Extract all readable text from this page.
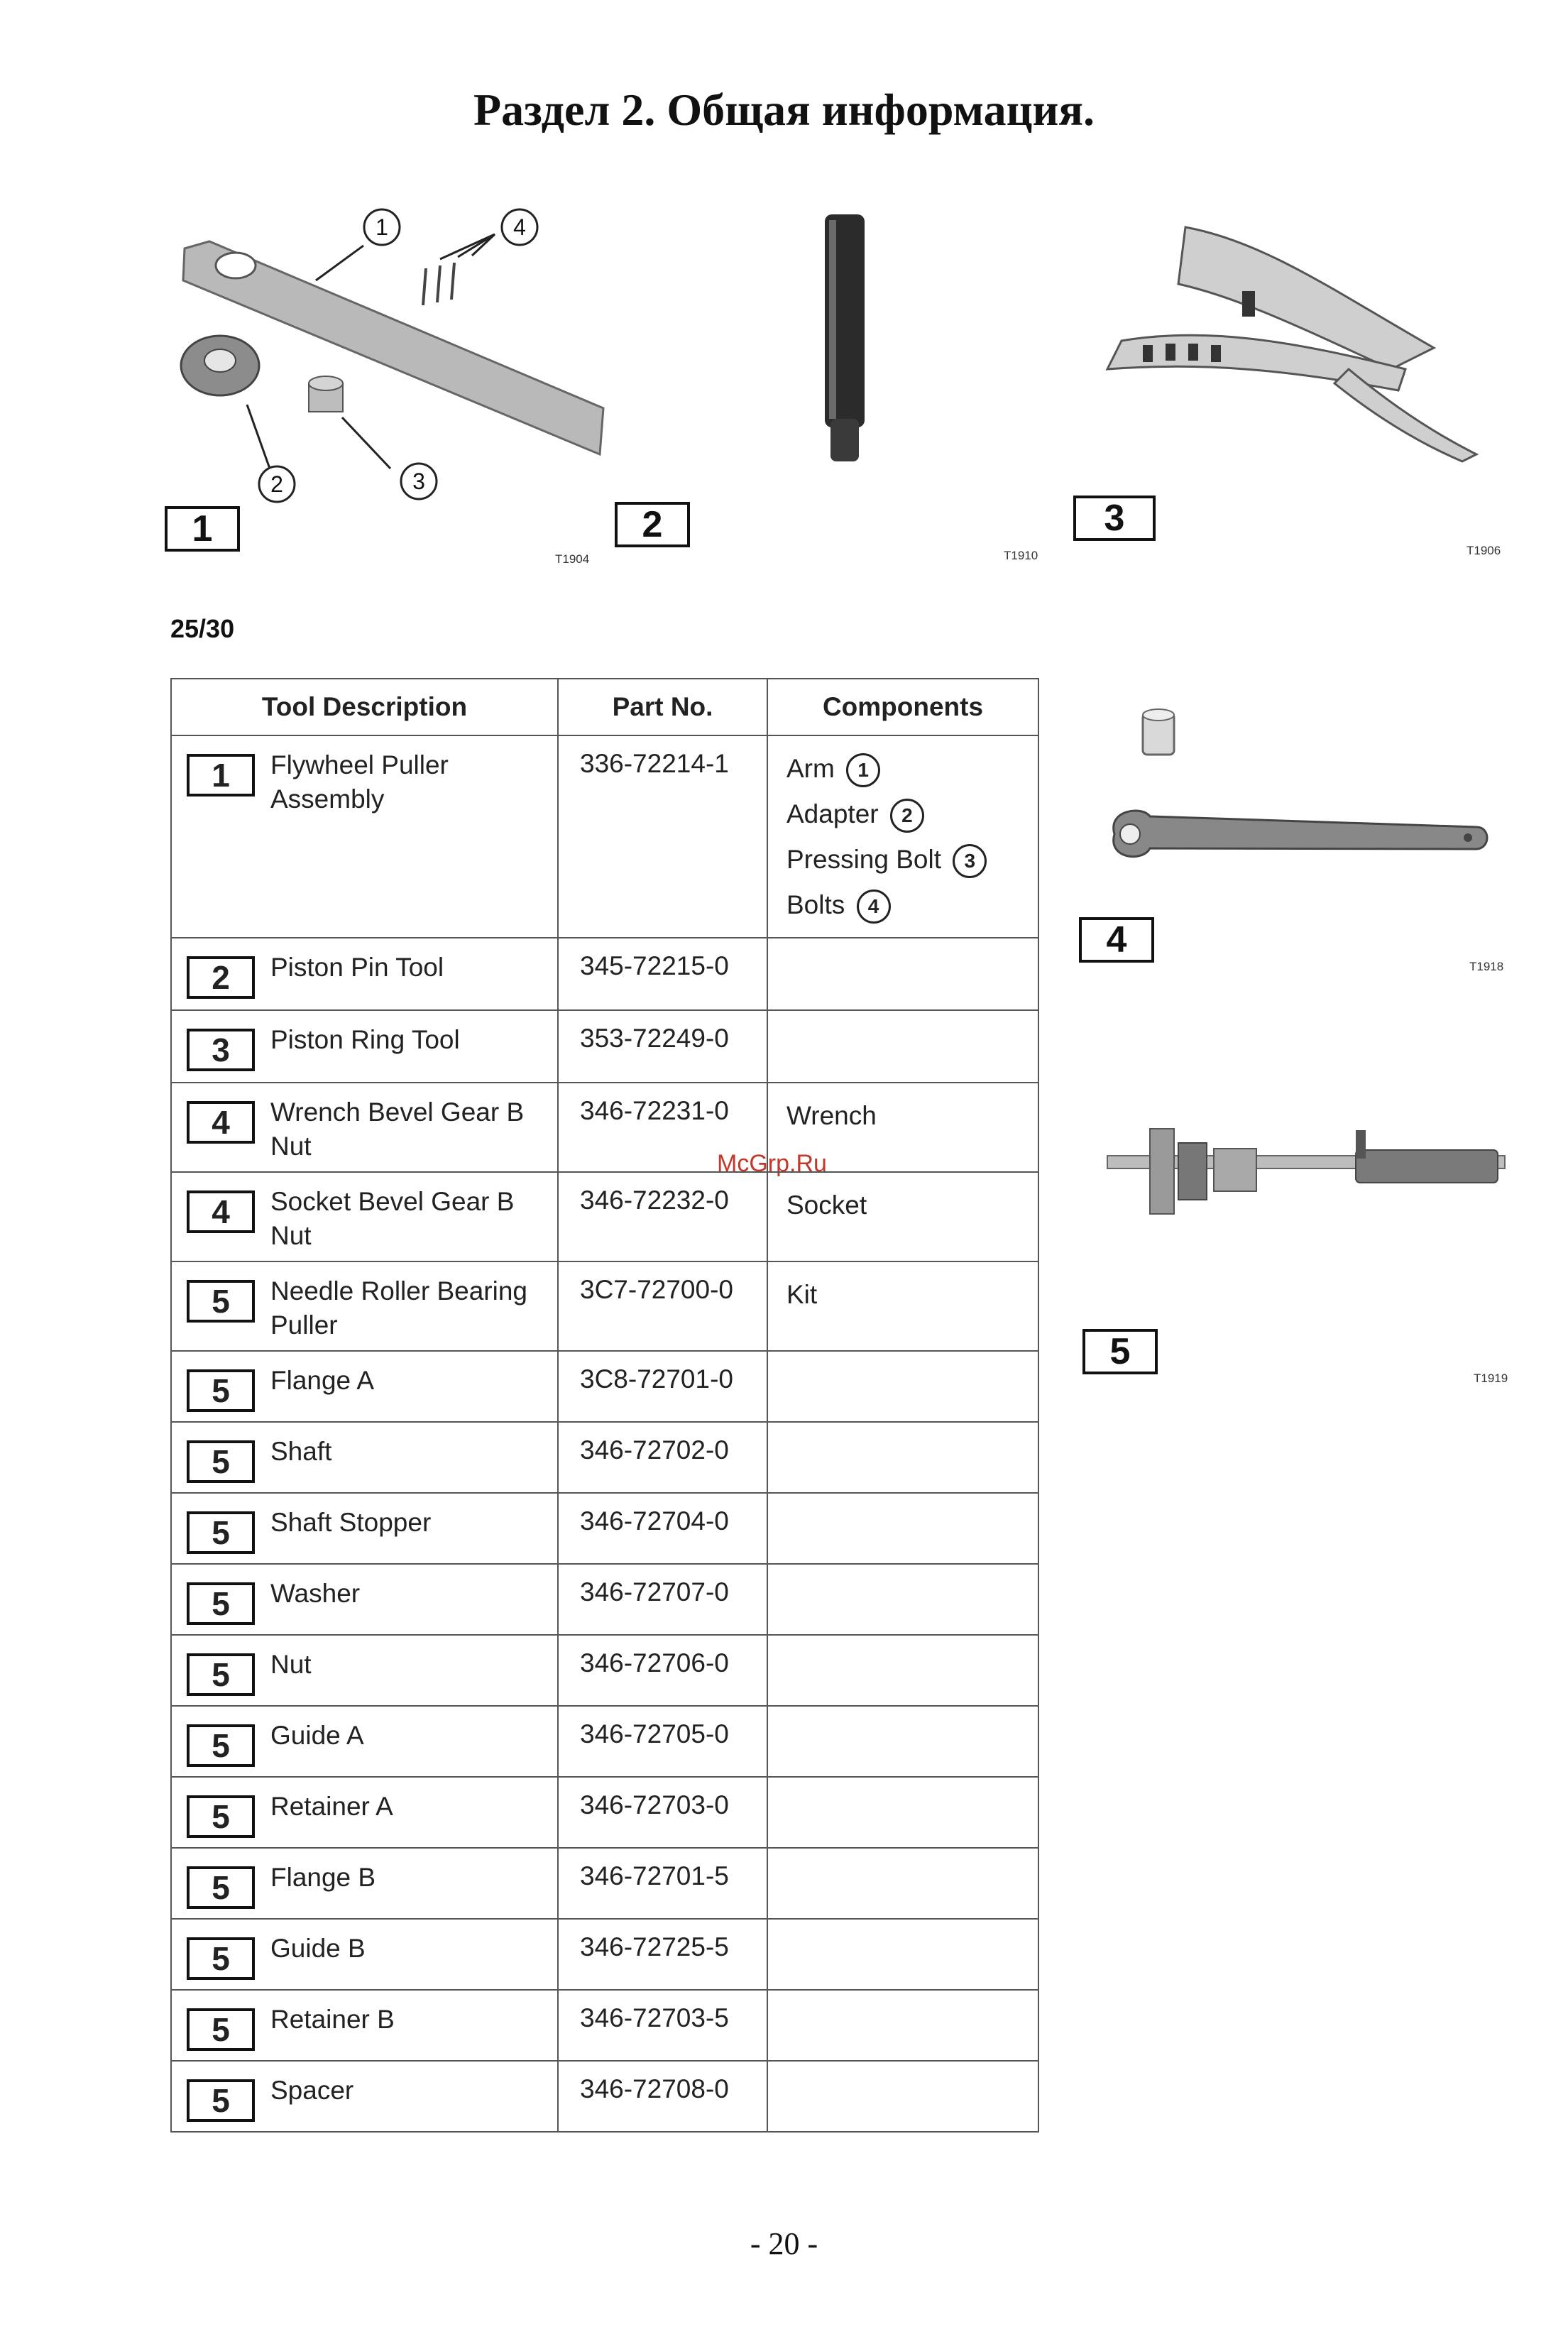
Раздел 2. Общая информация.
1	4
2	3
1
T1904
2
T1910
3
T1906
25/30
4
T1918
McGrp.Ru
5
T1919
Tool Description	Part No.	Components

1 Flywheel Puller Assembly	336-72214-1	Arm 1
Adapter 2
Pressing Bolt 3
Bolts 4

2 Piston Pin Tool	345-72215-0	

3 Piston Ring Tool	353-72249-0	

4 Wrench Bevel Gear B Nut	346-72231-0	Wrench

4 Socket Bevel Gear B Nut	346-72232-0	Socket

5 Needle Roller Bearing Puller	3C7-72700-0	Kit

5 Flange A	3C8-72701-0	

5 Shaft	346-72702-0	

5 Shaft Stopper	346-72704-0	

5 Washer	346-72707-0	

5 Nut	346-72706-0	

5 Guide A	346-72705-0	

5 Retainer A	346-72703-0	

5 Flange B	346-72701-5	

5 Guide B	346-72725-5	

5 Retainer B	346-72703-5	

5 Spacer	346-72708-0	
- 20 -
